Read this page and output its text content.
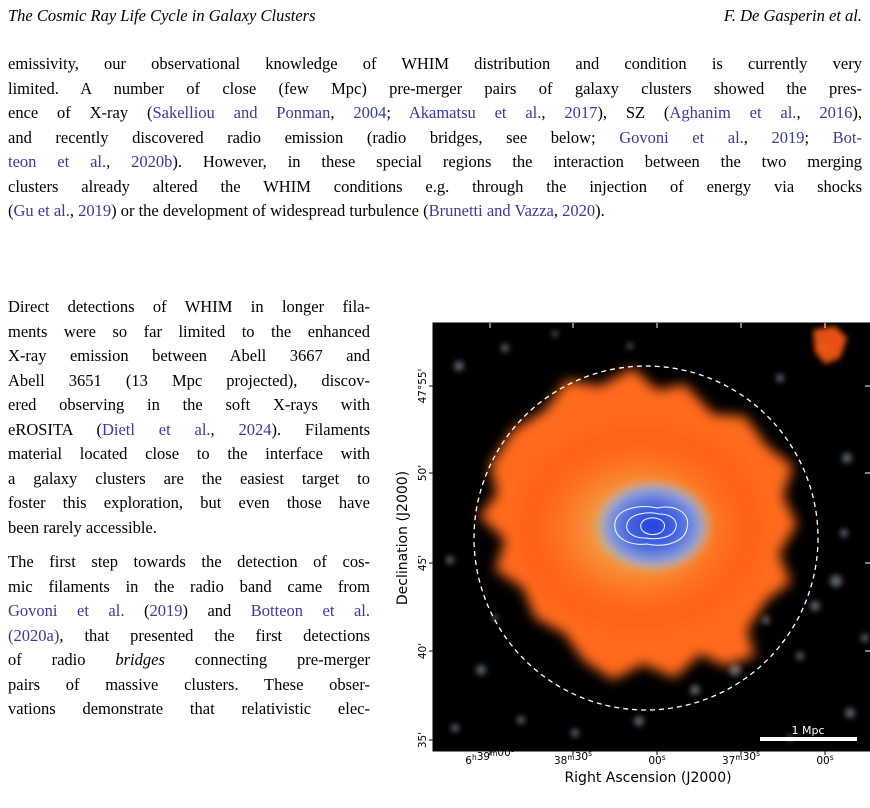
The Cosmic Ray Life Cycle in Galaxy Clusters	F. De Gasperin et al.
emissivity, our observational knowledge of WHIM distribution and condition is currently very
limited. A number of close (few Mpc) pre-merger pairs of galaxy clusters showed the pres-
ence of X-ray (Sakelliou and Ponman, 2004; Akamatsu et al., 2017), SZ (Aghanim et al., 2016),
and recently discovered radio emission (radio bridges, see below; Govoni et al., 2019; Bot-
teon et al., 2020b). However, in these special regions the interaction between the two merging
clusters already altered the WHIM conditions e.g. through the injection of energy via shocks
(Gu et al., 2019) or the development of widespread turbulence (Brunetti and Vazza, 2020).

Direct detections of WHIM in longer fila-
ments were so far limited to the enhanced
X-ray emission between Abell 3667 and
Abell 3651 (13 Mpc projected), discov-
ered observing in the soft X-rays with
eROSITA (Dietl et al., 2024). Filaments
material located close to the interface with
a galaxy clusters are the easiest target to
foster this exploration, but even those have
been rarely accessible.

The first step towards the detection of cos-
mic filaments in the radio band came from
Govoni et al. (2019) and Botteon et al.
(2020a), that presented the first detections
of radio bridges connecting pre-merger
pairs of massive clusters. These obser-
vations demonstrate that relativistic elec-

1 Mpc
6$^h$39$^m$00$^s$
38$^m$30$^s$
00$^s$	37$^m$30$^s$
00$^s$
35'
40'
45'
50'
47°55'
Right Ascension (J2000)
Declination (J2000)
